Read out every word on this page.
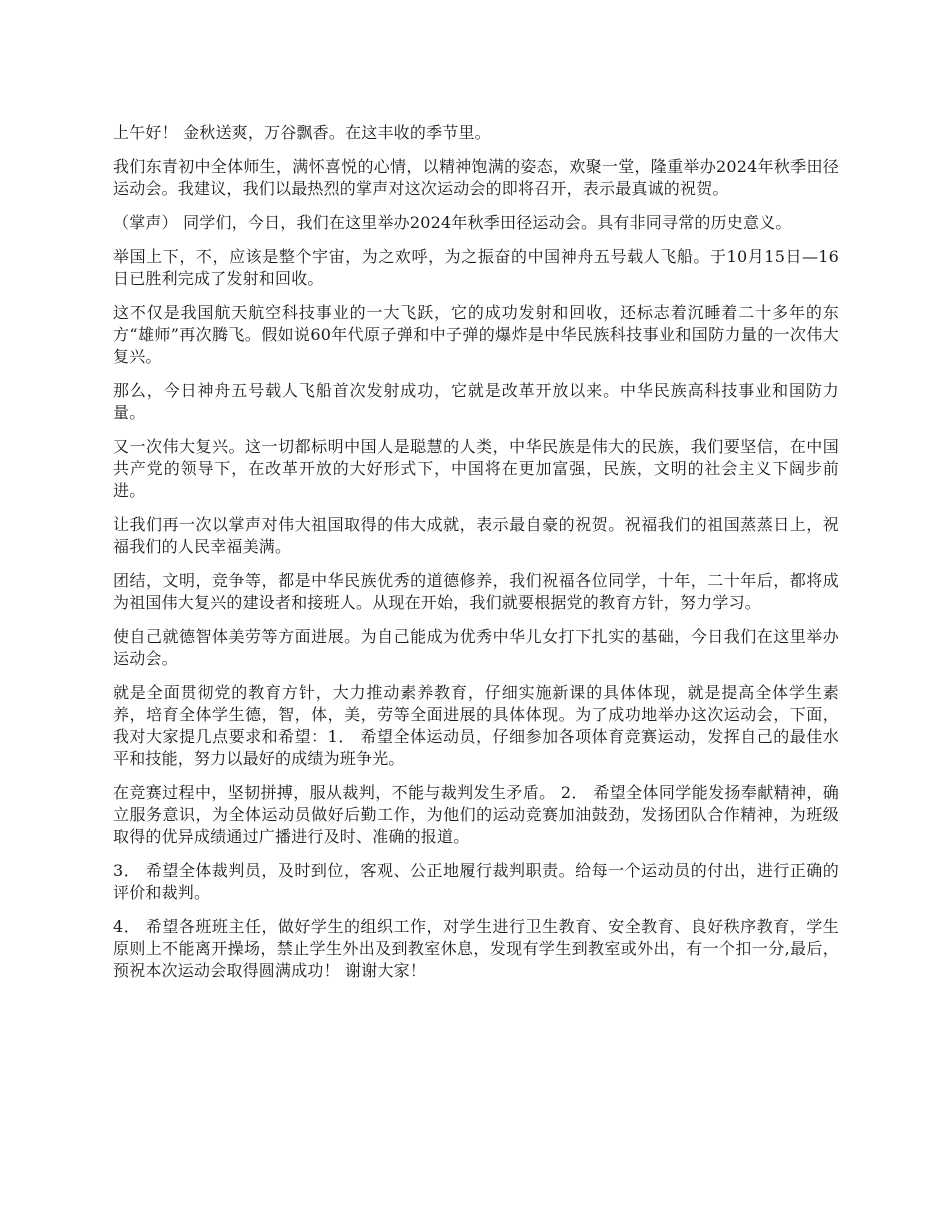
上午好！ 金秋送爽，万谷飘香。在这丰收的季节里。

我们东青初中全体师生，满怀喜悦的心情，以精神饱满的姿态，欢聚一堂，隆重举办2024年秋季田径运动会。我建议，我们以最热烈的掌声对这次运动会的即将召开，表示最真诚的祝贺。

（掌声） 同学们，今日，我们在这里举办2024年秋季田径运动会。具有非同寻常的历史意义。

举国上下，不，应该是整个宇宙，为之欢呼，为之振奋的中国神舟五号载人飞船。于10月15日—16日已胜利完成了发射和回收。

这不仅是我国航天航空科技事业的一大飞跃，它的成功发射和回收，还标志着沉睡着二十多年的东方“雄师”再次腾飞。假如说60年代原子弹和中子弹的爆炸是中华民族科技事业和国防力量的一次伟大复兴。

那么，今日神舟五号载人飞船首次发射成功，它就是改革开放以来。中华民族高科技事业和国防力量。

又一次伟大复兴。这一切都标明中国人是聪慧的人类，中华民族是伟大的民族，我们要坚信，在中国共产党的领导下，在改革开放的大好形式下，中国将在更加富强，民族，文明的社会主义下阔步前进。

让我们再一次以掌声对伟大祖国取得的伟大成就，表示最自豪的祝贺。祝福我们的祖国蒸蒸日上，祝福我们的人民幸福美满。

团结，文明，竞争等，都是中华民族优秀的道德修养，我们祝福各位同学，十年，二十年后，都将成为祖国伟大复兴的建设者和接班人。从现在开始，我们就要根据党的教育方针，努力学习。

使自己就德智体美劳等方面进展。为自己能成为优秀中华儿女打下扎实的基础，今日我们在这里举办运动会。

就是全面贯彻党的教育方针，大力推动素养教育，仔细实施新课的具体体现，就是提高全体学生素养，培育全体学生德，智，体，美，劳等全面进展的具体体现。为了成功地举办这次运动会，下面，我对大家提几点要求和希望：1． 希望全体运动员，仔细参加各项体育竞赛运动，发挥自己的最佳水平和技能，努力以最好的成绩为班争光。

在竞赛过程中，坚韧拼搏，服从裁判，不能与裁判发生矛盾。 2． 希望全体同学能发扬奉献精神，确立服务意识，为全体运动员做好后勤工作，为他们的运动竞赛加油鼓劲，发扬团队合作精神，为班级取得的优异成绩通过广播进行及时、准确的报道。

3． 希望全体裁判员，及时到位，客观、公正地履行裁判职责。给每一个运动员的付出，进行正确的评价和裁判。

4． 希望各班班主任，做好学生的组织工作，对学生进行卫生教育、安全教育、良好秩序教育，学生原则上不能离开操场，禁止学生外出及到教室休息，发现有学生到教室或外出，有一个扣一分,最后，预祝本次运动会取得圆满成功！ 谢谢大家！
